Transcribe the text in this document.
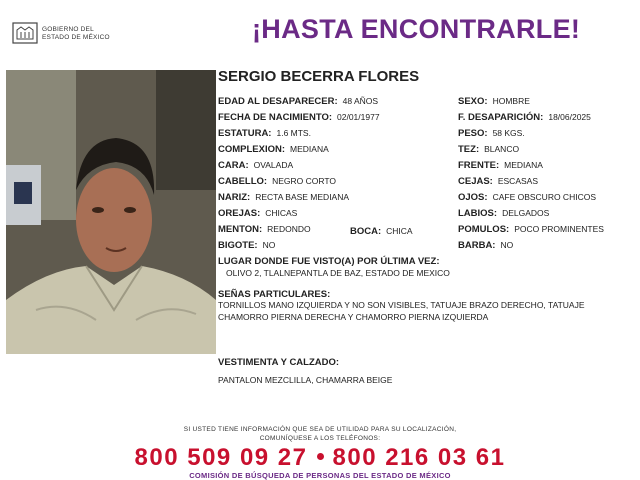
GOBIERNO DEL
ESTADO DE MÉXICO	¡HASTA ENCONTRARLE!
SERGIO BECERRA FLORES
EDAD AL DESAPARECER: 48 AÑOS
FECHA DE NACIMIENTO: 02/01/1977
ESTATURA: 1.6 MTS.
COMPLEXION: MEDIANA
CARA: OVALADA
CABELLO: NEGRO CORTO
NARIZ: RECTA BASE MEDIANA
OREJAS: CHICAS
MENTON: REDONDO	BOCA: CHICA
BIGOTE: NO
SEXO: HOMBRE
F. DESAPARICIÓN: 18/06/2025
PESO: 58 KGS.
TEZ: BLANCO
FRENTE: MEDIANA
CEJAS: ESCASAS
OJOS: CAFE OBSCURO CHICOS
LABIOS: DELGADOS
POMULOS: POCO PROMINENTES
BARBA: NO
LUGAR DONDE FUE VISTO(A) POR ÚLTIMA VEZ:
OLIVO 2, TLALNEPANTLA DE BAZ, ESTADO DE MEXICO
SEÑAS PARTICULARES:
TORNILLOS MANO IZQUIERDA Y NO SON VISIBLES, TATUAJE BRAZO DERECHO, TATUAJE CHAMORRO PIERNA DERECHA Y CHAMORRO PIERNA IZQUIERDA
VESTIMENTA Y CALZADO:
PANTALON MEZCLILLA, CHAMARRA BEIGE
SI USTED TIENE INFORMACIÓN QUE SEA DE UTILIDAD PARA SU LOCALIZACIÓN,
COMUNÍQUESE A LOS TELÉFONOS:
800 509 09 27 800 216 03 61
COMISIÓN DE BÚSQUEDA DE PERSONAS DEL ESTADO DE MÉXICO
